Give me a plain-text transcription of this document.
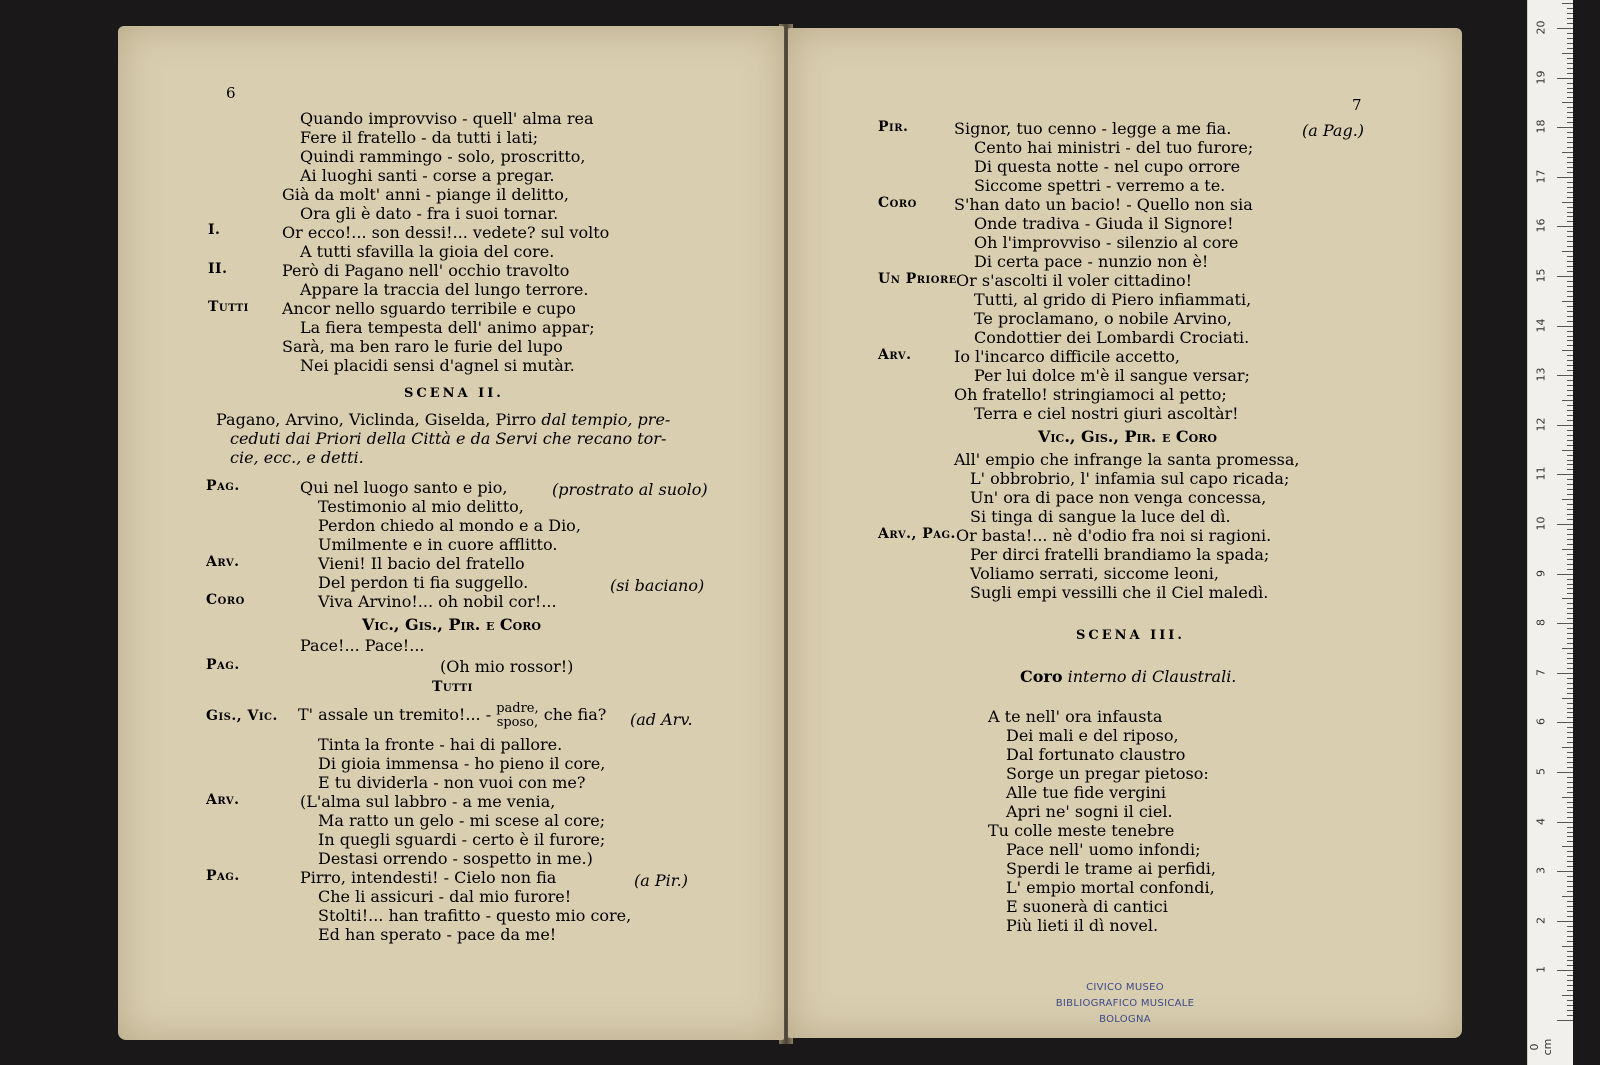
6
SCENA II.
Pagano, Arvino, Viclinda, Giselda, Pirro dal tempio, pre-
ceduti dai Priori della Città e da Servi che recano tor-
cie, ecc., e detti.
Vic., Gis., Pir. e Coro
Tutti
T' assale un tremito!... - padre,
sposo, che fia?
7
Vic., Gis., Pir. e Coro
SCENA III.
Coro interno di Claustrali.
CIVICO MUSEO
BIBLIOGRAFICO MUSICALE
BOLOGNA
0 cm
1
2
3
4
5
6
7
8
9
10
11
12
13
14
15
16
17
18
19
20
Quando improvviso - quell' alma rea
Fere il fratello - da tutti i lati;
Quindi rammingo - solo, proscritto,
Ai luoghi santi - corse a pregar.
Già da molt' anni - piange il delitto,
Ora gli è dato - fra i suoi tornar.
Or ecco!... son dessi!... vedete? sul volto
A tutti sfavilla la gioia del core.
Però di Pagano nell' occhio travolto
Appare la traccia del lungo terrore.
Ancor nello sguardo terribile e cupo
La fiera tempesta dell' animo appar;
Sarà, ma ben raro le furie del lupo
Nei placidi sensi d'agnel si mutàr.
Qui nel luogo santo e pio,
Testimonio al mio delitto,
Perdon chiedo al mondo e a Dio,
Umilmente e in cuore afflitto.
Vieni! Il bacio del fratello
Del perdon ti fia suggello.
Viva Arvino!... oh nobil cor!...
Pace!... Pace!...
(Oh mio rossor!)
Tinta la fronte - hai di pallore.
Di gioia immensa - ho pieno il core,
E tu dividerla - non vuoi con me?
(L'alma sul labbro - a me venia,
Ma ratto un gelo - mi scese al core;
In quegli sguardi - certo è il furore;
Destasi orrendo - sospetto in me.)
Pirro, intendesti! - Cielo non fia
Che li assicuri - dal mio furore!
Stolti!... han trafitto - questo mio core,
Ed han sperato - pace da me!
I.
II.
Tutti
Pag.
Arv.
Coro
Pag.
Gis., Vic.
Arv.
Pag.
(prostrato al suolo)
(si baciano)
(ad Arv.
(a Pir.)
Signor, tuo cenno - legge a me fia.
Cento hai ministri - del tuo furore;
Di questa notte - nel cupo orrore
Siccome spettri - verremo a te.
S'han dato un bacio! - Quello non sia
Onde tradiva - Giuda il Signore!
Oh l'improvviso - silenzio al core
Di certa pace - nunzio non è!
Or s'ascolti il voler cittadino!
Tutti, al grido di Piero infiammati,
Te proclamano, o nobile Arvino,
Condottier dei Lombardi Crociati.
Io l'incarco difficile accetto,
Per lui dolce m'è il sangue versar;
Oh fratello! stringiamoci al petto;
Terra e ciel nostri giuri ascoltàr!
All' empio che infrange la santa promessa,
L' obbrobrio, l' infamia sul capo ricada;
Un' ora di pace non venga concessa,
Si tinga di sangue la luce del dì.
Or basta!... nè d'odio fra noi si ragioni.
Per dirci fratelli brandiamo la spada;
Voliamo serrati, siccome leoni,
Sugli empi vessilli che il Ciel maledì.
A te nell' ora infausta
Dei mali e del riposo,
Dal fortunato claustro
Sorge un pregar pietoso:
Alle tue fide vergini
Apri ne' sogni il ciel.
Tu colle meste tenebre
Pace nell' uomo infondi;
Sperdi le trame ai perfidi,
L' empio mortal confondi,
E suonerà di cantici
Più lieti il dì novel.
Pir.
Coro
Un Priore
Arv.
Arv., Pag.
(a Pag.)
